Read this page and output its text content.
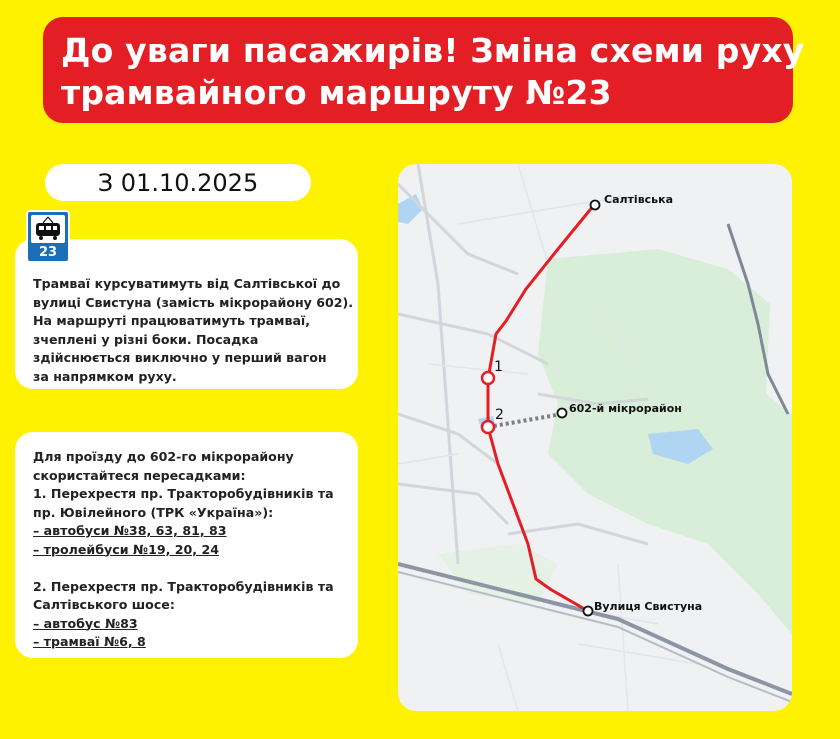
До уваги пасажирів! Зміна схеми руху
трамвайного маршруту №23
З 01.10.2025
Трамваї курсуватимуть від Салтівської до
вулиці Свистуна (замість мікрорайону 602).
На маршруті працюватимуть трамваї,
зчеплені у різні боки. Посадка
здійснюється виключно у перший вагон
за напрямком руху.
23
Для проїзду до 602-го мікрорайону
скористайтеся пересадками:
1. Перехрестя пр. Тракторобудівників та
пр. Ювілейного (ТРК «Україна»):
– автобуси №38, 63, 81, 83
– тролейбуси №19, 20, 24
2. Перехрестя пр. Тракторобудівників та
Салтівського шосе:
– автобус №83
– трамваї №6, 8
Салтівська
Вулиця Свистуна
602-й мікрорайон
1
2
